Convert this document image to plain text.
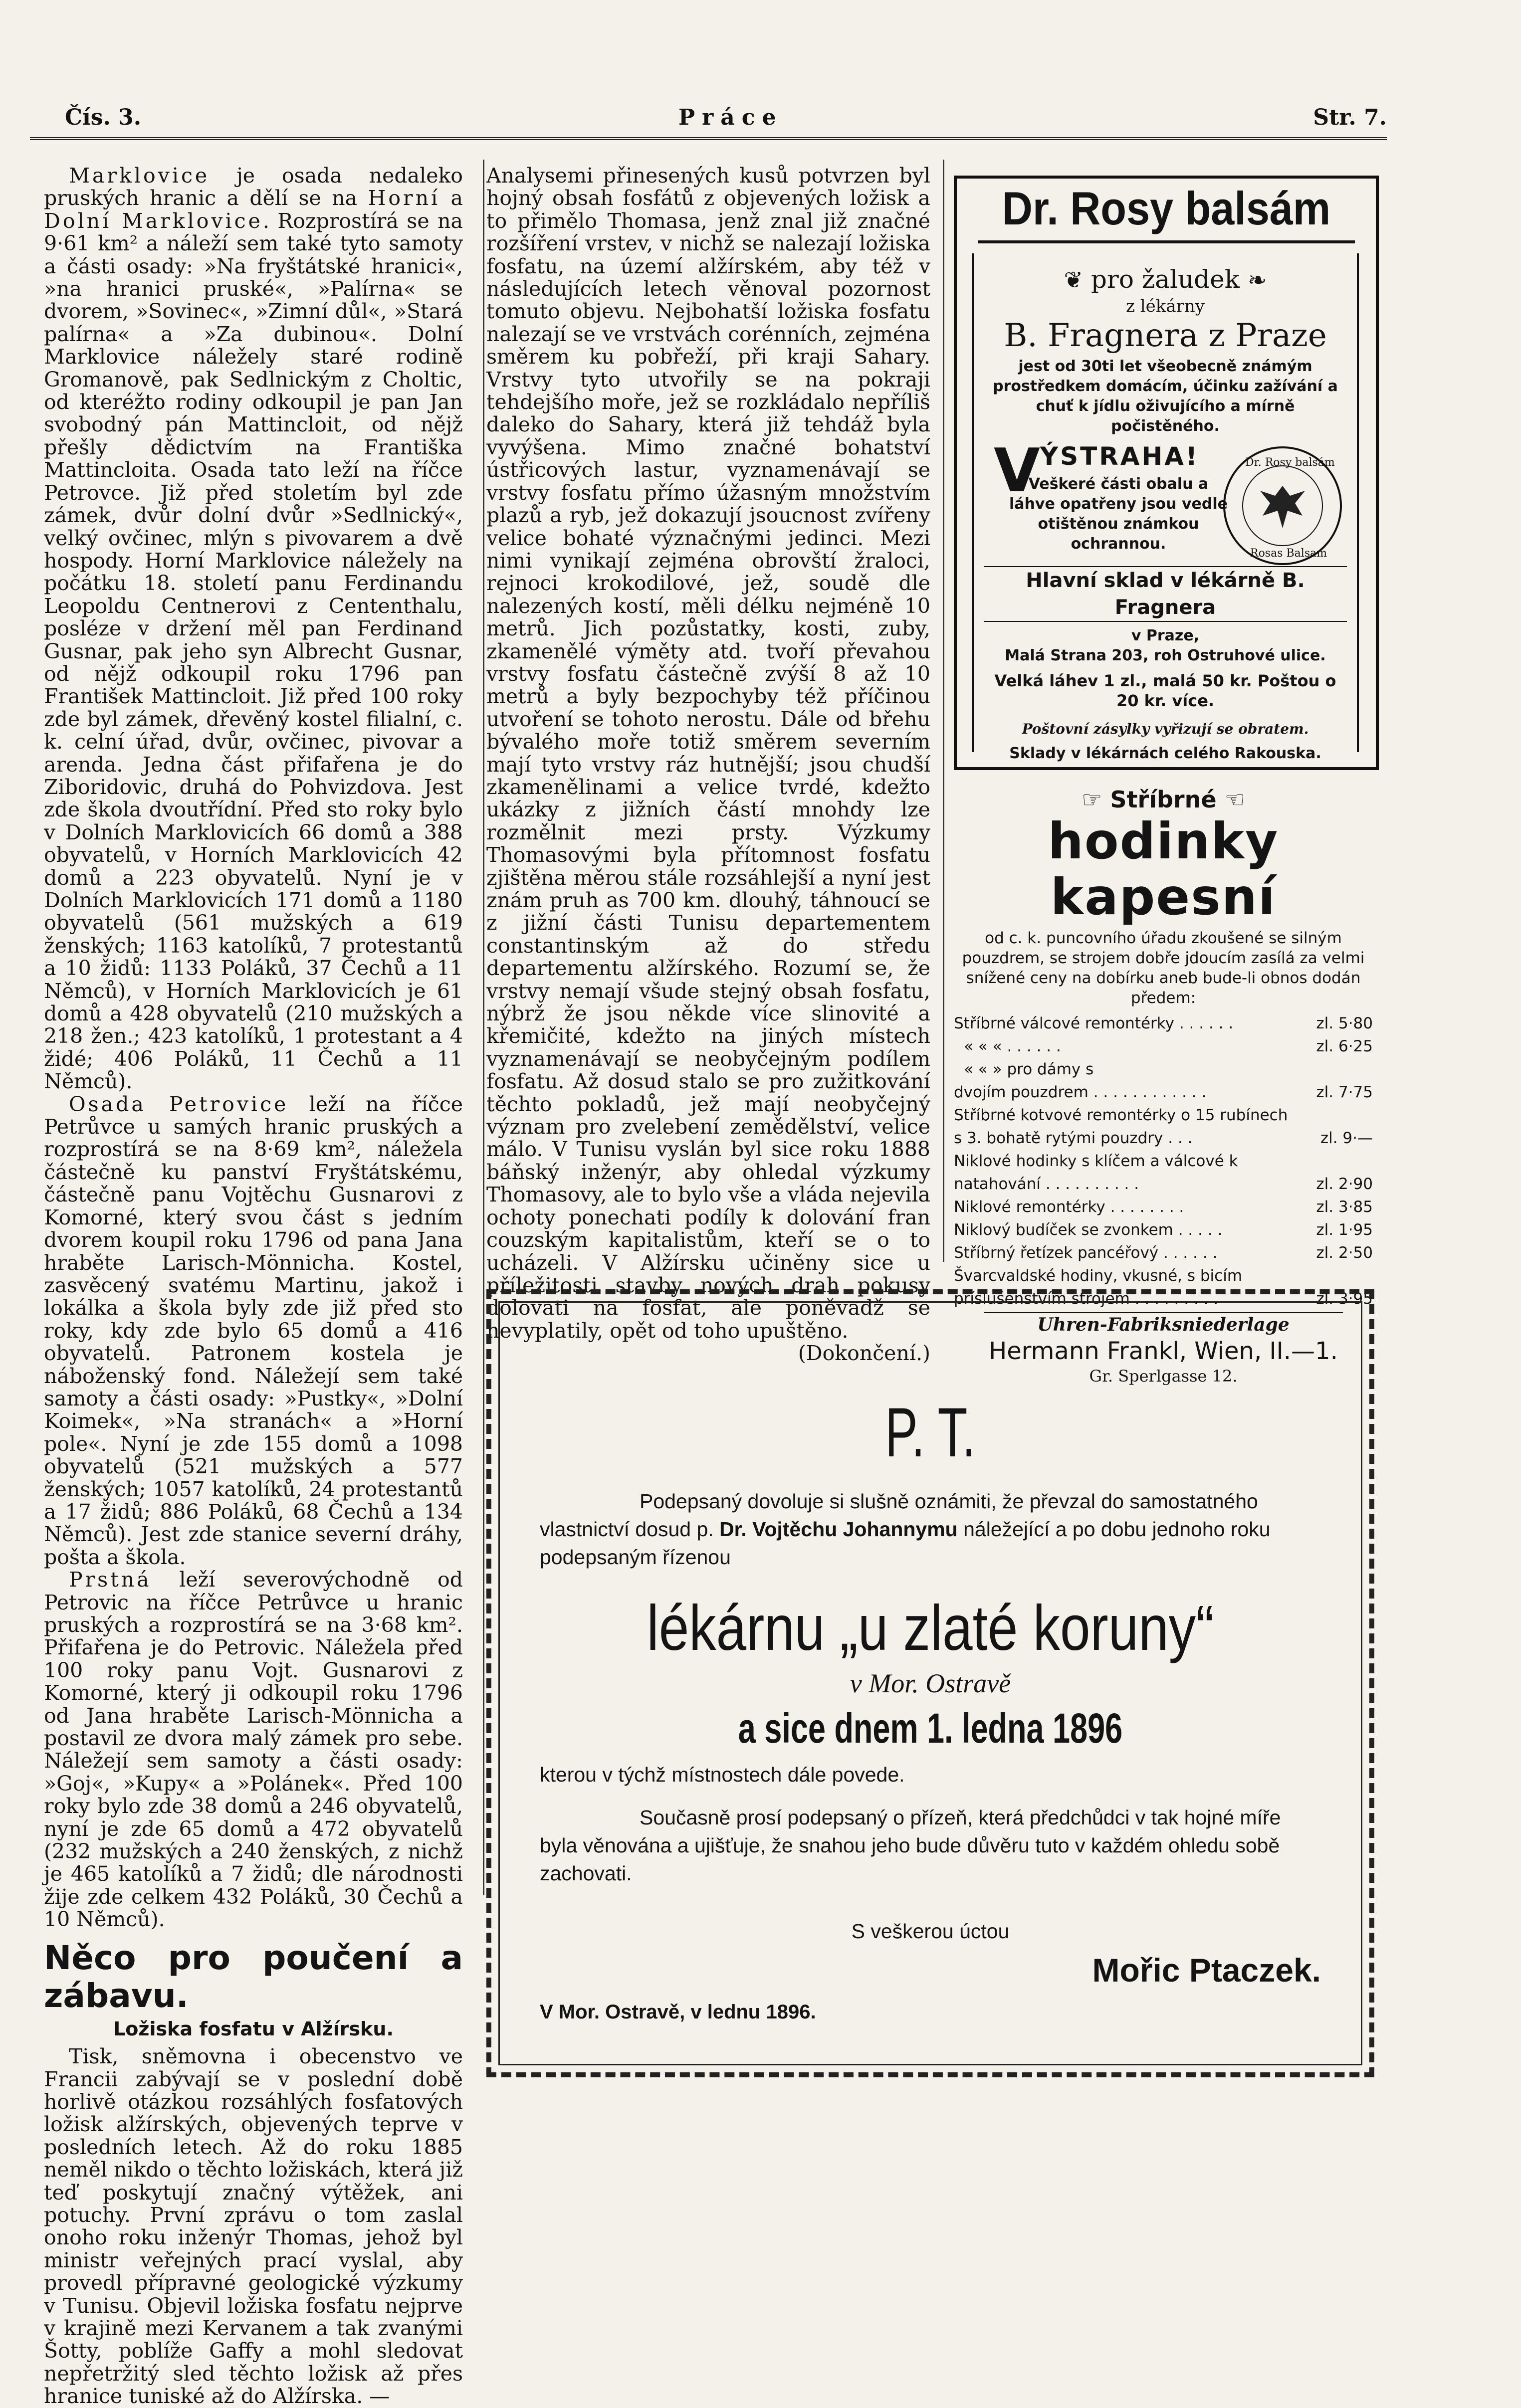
Čís. 3.	Práce	Str. 7.

Marklovice je osada nedaleko pruských hranic a dělí se na Horní a Dolní Marklovice. Rozprostírá se na 9·61 km² a náleží sem také tyto samoty a části osady: »Na fryštátské hranici«, »na hranici pruské«, »Palírna« se dvorem, »Sovinec«, »Zimní důl«, »Stará palírna« a »Za dubinou«. Dolní Marklovice náležely staré rodině Gromanově, pak Sedlnickým z Choltic, od kteréžto rodiny odkoupil je pan Jan svobodný pán Mattincloit, od nějž přešly dědictvím na Františka Mattincloita. Osada tato leží na říčce Petrovce. Již před stoletím byl zde zámek, dvůr dolní dvůr »Sedlnický«, velký ovčinec, mlýn s pivovarem a dvě hospody. Horní Marklovice náležely na počátku 18. století panu Ferdinandu Leopoldu Centnerovi z Cententhalu, posléze v držení měl pan Ferdinand Gusnar, pak jeho syn Albrecht Gusnar, od nějž odkoupil roku 1796 pan František Mattincloit. Již před 100 roky zde byl zámek, dřevěný kostel filialní, c. k. celní úřad, dvůr, ovčinec, pivovar a arenda. Jedna část přifařena je do Ziboridovic, druhá do Pohvizdova. Jest zde škola dvoutřídní. Před sto roky bylo v Dolních Marklovicích 66 domů a 388 obyvatelů, v Horních Marklovicích 42 domů a 223 obyvatelů. Nyní je v Dolních Marklovicích 171 domů a 1180 obyvatelů (561 mužských a 619 ženských; 1163 katolíků, 7 protestantů a 10 židů: 1133 Poláků, 37 Čechů a 11 Němců), v Horních Marklovicích je 61 domů a 428 obyvatelů (210 mužských a 218 žen.; 423 katolíků, 1 protestant a 4 židé; 406 Poláků, 11 Čechů a 11 Němců).

Osada Petrovice leží na říčce Petrůvce u samých hranic pruských a rozprostírá se na 8·69 km², náležela částečně ku panství Fryštátskému, částečně panu Vojtěchu Gusnarovi z Komorné, který svou část s jedním dvorem koupil roku 1796 od pana Jana hraběte Larisch-Mönnicha. Kostel, zasvěcený svatému Martinu, jakož i lokálka a škola byly zde již před sto roky, kdy zde bylo 65 domů a 416 obyvatelů. Patronem kostela je náboženský fond. Náležejí sem také samoty a části osady: »Pustky«, »Dolní Koimek«, »Na stranách« a »Horní pole«. Nyní je zde 155 domů a 1098 obyvatelů (521 mužských a 577 ženských; 1057 katolíků, 24 protestantů a 17 židů; 886 Poláků, 68 Čechů a 134 Němců). Jest zde stanice severní dráhy, pošta a škola.

Prstná leží severovýchodně od Petrovic na říčce Petrůvce u hranic pruských a rozprostírá se na 3·68 km². Přifařena je do Petrovic. Náležela před 100 roky panu Vojt. Gusnarovi z Komorné, který ji odkoupil roku 1796 od Jana hraběte Larisch-Mönnicha a postavil ze dvora malý zámek pro sebe. Náležejí sem samoty a části osady: »Goj«, »Kupy« a »Polánek«. Před 100 roky bylo zde 38 domů a 246 obyvatelů, nyní je zde 65 domů a 472 obyvatelů (232 mužských a 240 ženských, z nichž je 465 katolíků a 7 židů; dle národnosti žije zde celkem 432 Poláků, 30 Čechů a 10 Němců).

Něco pro poučení a zábavu.
Ložiska fosfatu v Alžírsku.

Tisk, sněmovna i obecenstvo ve Francii zabývají se v poslední době horlivě otázkou rozsáhlých fosfatových ložisk alžírských, objevených teprve v posledních letech. Až do roku 1885 neměl nikdo o těchto ložiskách, která již teď poskytují značný výtěžek, ani potuchy. První zprávu o tom zaslal onoho roku inženýr Thomas, jehož byl ministr veřejných prací vyslal, aby provedl přípravné geologické výzkumy v Tunisu. Objevil ložiska fosfatu nejprve v krajině mezi Kervanem a tak zvanými Šotty, poblíže Gaffy a mohl sledovat nepřetržitý sled těchto ložisk až přes hranice tuniské až do Alžírska. —

Analysemi přinesených kusů potvrzen byl hojný obsah fosfátů z objevených ložisk a to přimělo Thomasa, jenž znal již značné rozšíření vrstev, v nichž se nalezají ložiska fosfatu, na území alžírském, aby též v následujících letech věnoval pozornost tomuto objevu. Nejbohatší ložiska fosfatu nalezají se ve vrstvách corénních, zejména směrem ku pobřeží, při kraji Sahary. Vrstvy tyto utvořily se na pokraji tehdejšího moře, jež se rozkládalo nepříliš daleko do Sahary, která již tehdáž byla vyvýšena. Mimo značné bohatství ústřicových lastur, vyznamenávají se vrstvy fosfatu přímo úžasným množstvím plazů a ryb, jež dokazují jsoucnost zvířeny velice bohaté význačnými jedinci. Mezi nimi vynikají zejména obrovští žraloci, rejnoci krokodilové, jež, soudě dle nalezených kostí, měli délku nejméně 10 metrů. Jich pozůstatky, kosti, zuby, zkamenělé výměty atd. tvoří převahou vrstvy fosfatu částečně zvýší 8 až 10 metrů a byly bezpochyby též příčinou utvoření se tohoto nerostu. Dále od břehu bývalého moře totiž směrem severním mají tyto vrstvy ráz hutnější; jsou chudší zkamenělinami a velice tvrdé, kdežto ukázky z jižních částí mnohdy lze rozmělnit mezi prsty. Výzkumy Thomasovými byla přítomnost fosfatu zjištěna měrou stále rozsáhlejší a nyní jest znám pruh as 700 km. dlouhý, táhnoucí se z jižní části Tunisu departementem constantinským až do středu departementu alžírského. Rozumí se, že vrstvy nemají všude stejný obsah fosfatu, nýbrž že jsou někde více slinovité a křemičité, kdežto na jiných místech vyznamenávají se neobyčejným podílem fosfatu. Až dosud stalo se pro zužitkování těchto pokladů, jež mají neobyčejný význam pro zvelebení zemědělství, velice málo. V Tunisu vyslán byl sice roku 1888 báňský inženýr, aby ohledal výzkumy Thomasovy, ale to bylo vše a vláda nejevila ochoty ponechati podíly k dolování fran couzským kapitalistům, kteří se o to ucházeli. V Alžírsku učiněny sice u příležitosti stavby nových drah pokusy dolovati na fosfat, ale poněvadž se nevyplatily, opět od toho upuštěno.

(Dokončení.)
Dr. Rosy balsám
❦ pro žaludek ❧
z lékárny
B. Fragnera z Praze
jest od 30ti let všeobecně známým prostředkem domácím, účinku zažívání a chuť k jídlu oživujícího a mírně počistěného.
V ÝSTRAHA!
Veškeré části obalu a láhve opatřeny jsou vedle otištěnou známkou ochrannou.
Dr. Rosy balsám
Rosas Balsam
Hlavní sklad v lékárně B. Fragnera
v Praze,
Malá Strana 203, roh Ostruhové ulice.
Velká láhev 1 zl., malá 50 kr. Poštou o 20 kr. více.
Poštovní zásylky vyřizují se obratem.
Sklady v lékárnách celého Rakouska.
☞ Stříbrné ☜
hodinky kapesní
od c. k. puncovního úřadu zkoušené se silným pouzdrem, se strojem dobře jdoucím zasílá za velmi snížené ceny na dobírku aneb bude-li obnos dodán předem:
Stříbrné válcové remontérky . . . . . .	zl. 5·80
« « « . . . . . .	zl. 6·25
« « » pro dámy s
dvojím pouzdrem . . . . . . . . . . . .	zl. 7·75
Stříbrné kotvové remontérky o 15 rubínech s 3. bohatě rytými pouzdry . . .	zl. 9·—
Niklové hodinky s klíčem a válcové k natahování . . . . . . . . . .	zl. 2·90
Niklové remontérky . . . . . . . .	zl. 3·85
Niklový budíček se zvonkem . . . . .	zl. 1·95
Stříbrný řetízek pancéřový . . . . . .	zl. 2·50
Švarcvaldské hodiny, vkusné, s bicím příslušenstvím strojem . . . . . . . . .	zl. 3·95
Uhren-Fabriksniederlage
Hermann Frankl, Wien, II.—1.
Gr. Sperlgasse 12.
P. T.
Podepsaný dovoluje si slušně oznámiti, že převzal do samostatného vlastnictví dosud p. Dr. Vojtěchu Johannymu náležející a po dobu jednoho roku podepsaným řízenou
lékárnu „u zlaté koruny“
v Mor. Ostravě
a sice dnem 1. ledna 1896
kterou v týchž místnostech dále povede.
Současně prosí podepsaný o přízeň, která předchůdci v tak hojné míře byla věnována a ujišťuje, že snahou jeho bude důvěru tuto v každém ohledu sobě zachovati.
S veškerou úctou
Mořic Ptaczek.
V Mor. Ostravě, v lednu 1896.
